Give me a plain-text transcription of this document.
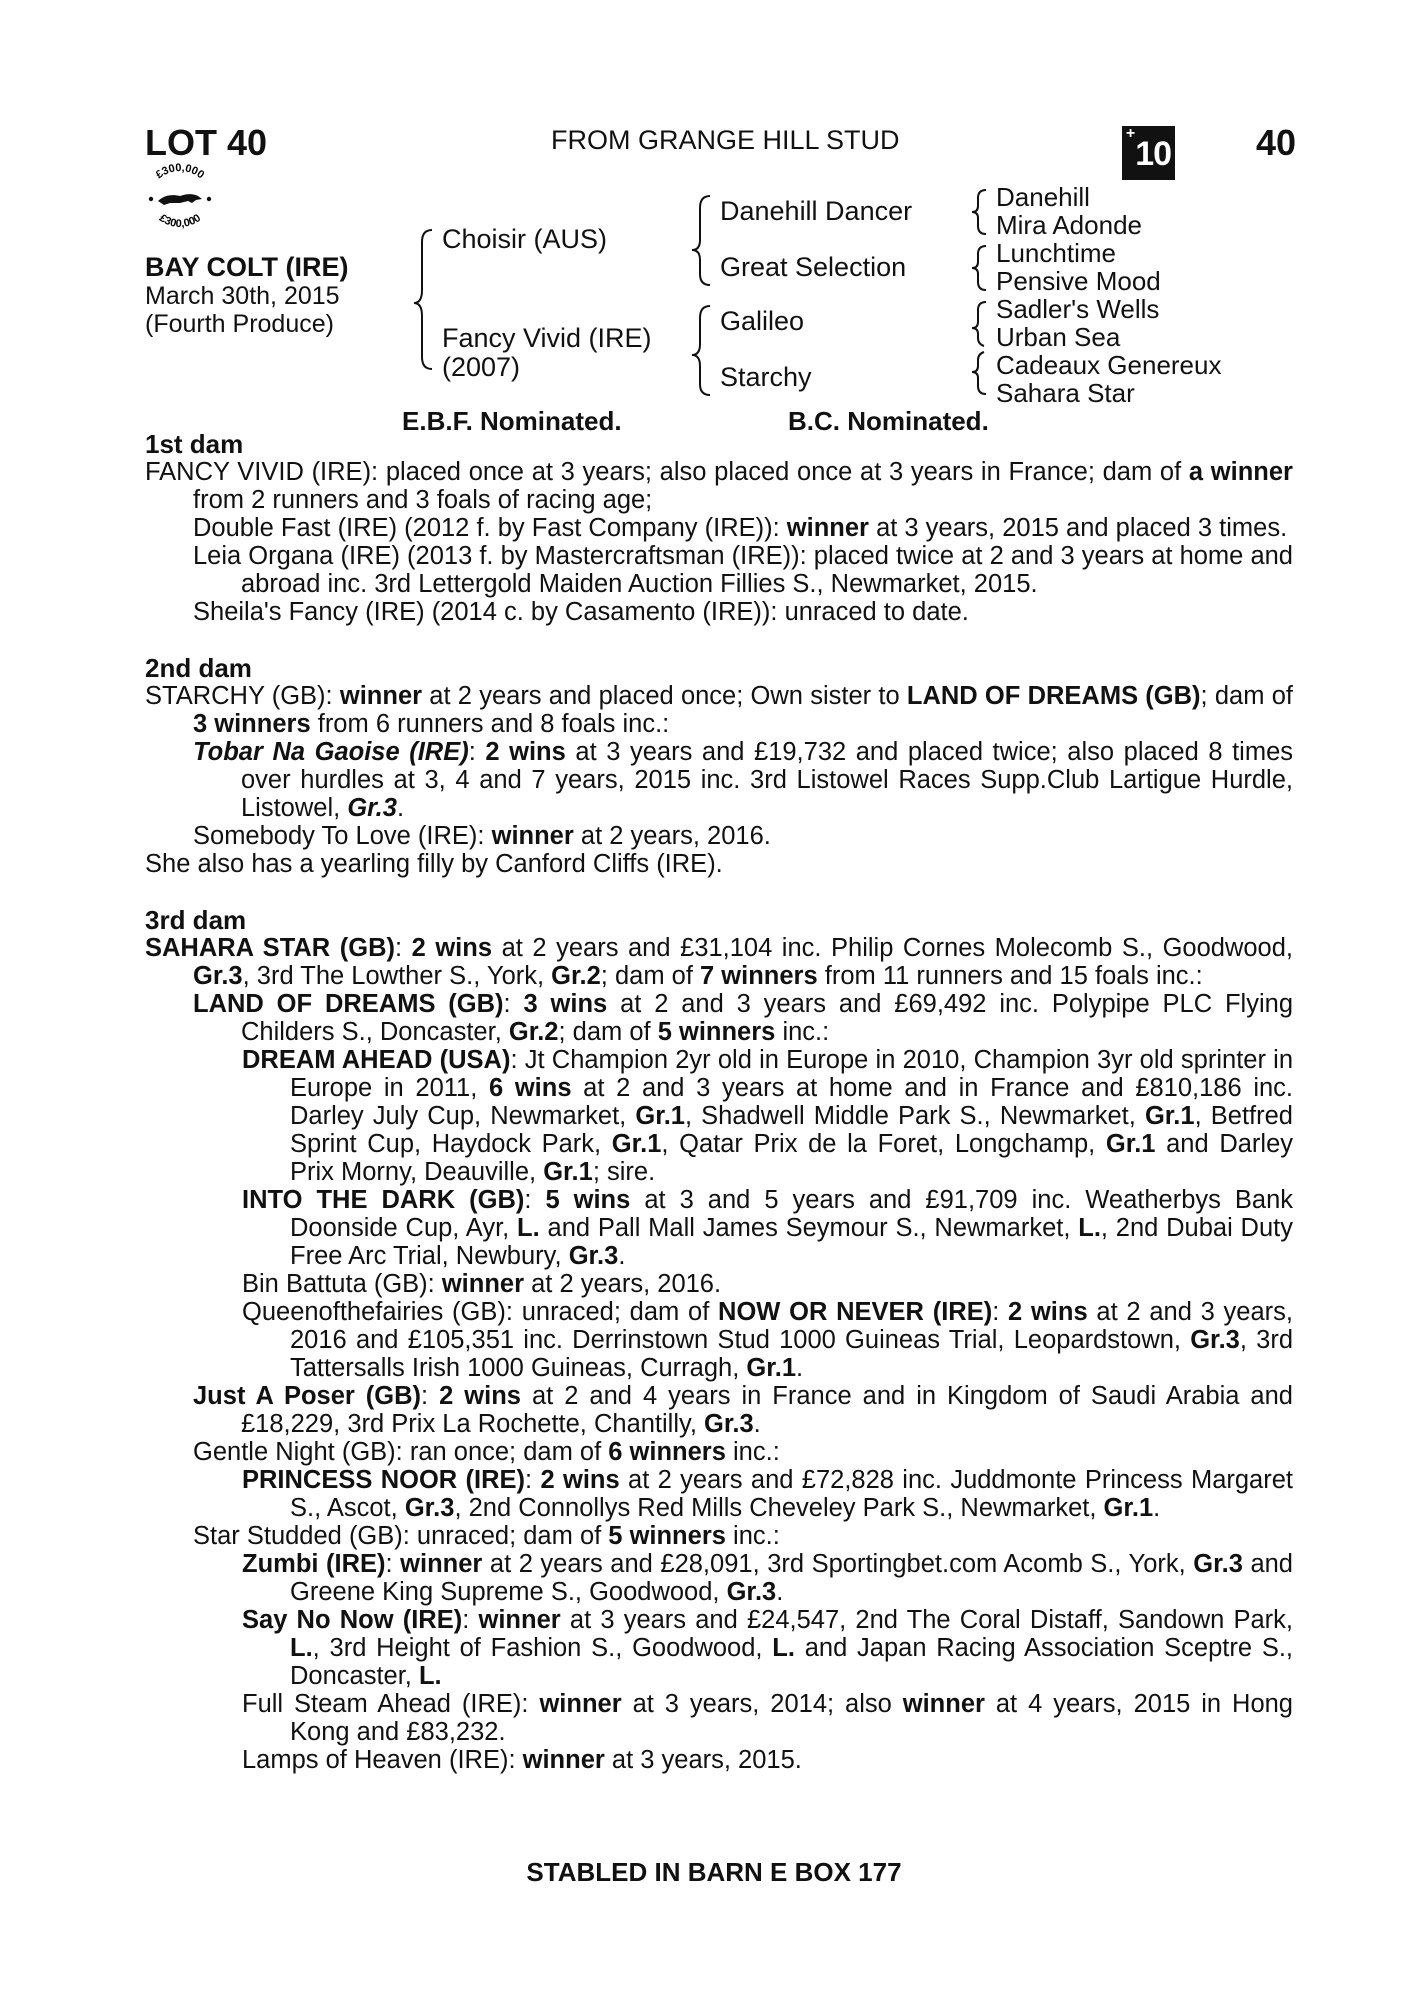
LOT 40	FROM GRANGE HILL STUD	+10 40
£300,000
£300,000
BAY COLT (IRE)
March 30th, 2015
(Fourth Produce)
Choisir (AUS)
Fancy Vivid (IRE)
(2007)
Danehill Dancer
Great Selection
Galileo
Starchy
Danehill
Mira Adonde
Lunchtime
Pensive Mood
Sadler's Wells
Urban Sea
Cadeaux Genereux
Sahara Star
E.B.F. Nominated.	B.C. Nominated.

1st dam

FANCY VIVID (IRE): placed once at 3 years; also placed once at 3 years in France; dam of a winner from 2 runners and 3 foals of racing age;

Double Fast (IRE) (2012 f. by Fast Company (IRE)): winner at 3 years, 2015 and placed 3 times.

Leia Organa (IRE) (2013 f. by Mastercraftsman (IRE)): placed twice at 2 and 3 years at home and abroad inc. 3rd Lettergold Maiden Auction Fillies S., Newmarket, 2015.

Sheila's Fancy (IRE) (2014 c. by Casamento (IRE)): unraced to date.

2nd dam

STARCHY (GB): winner at 2 years and placed once; Own sister to LAND OF DREAMS (GB); dam of 3 winners from 6 runners and 8 foals inc.:

Tobar Na Gaoise (IRE): 2 wins at 3 years and £19,732 and placed twice; also placed 8 times over hurdles at 3, 4 and 7 years, 2015 inc. 3rd Listowel Races Supp.Club Lartigue Hurdle, Listowel, Gr.3.

Somebody To Love (IRE): winner at 2 years, 2016.

She also has a yearling filly by Canford Cliffs (IRE).

3rd dam

SAHARA STAR (GB): 2 wins at 2 years and £31,104 inc. Philip Cornes Molecomb S., Goodwood, Gr.3, 3rd The Lowther S., York, Gr.2; dam of 7 winners from 11 runners and 15 foals inc.:

LAND OF DREAMS (GB): 3 wins at 2 and 3 years and £69,492 inc. Polypipe PLC Flying Childers S., Doncaster, Gr.2; dam of 5 winners inc.:

DREAM AHEAD (USA): Jt Champion 2yr old in Europe in 2010, Champion 3yr old sprinter in Europe in 2011, 6 wins at 2 and 3 years at home and in France and £810,186 inc. Darley July Cup, Newmarket, Gr.1, Shadwell Middle Park S., Newmarket, Gr.1, Betfred Sprint Cup, Haydock Park, Gr.1, Qatar Prix de la Foret, Longchamp, Gr.1 and Darley Prix Morny, Deauville, Gr.1; sire.

INTO THE DARK (GB): 5 wins at 3 and 5 years and £91,709 inc. Weatherbys Bank Doonside Cup, Ayr, L. and Pall Mall James Seymour S., Newmarket, L., 2nd Dubai Duty Free Arc Trial, Newbury, Gr.3.

Bin Battuta (GB): winner at 2 years, 2016.

Queenofthefairies (GB): unraced; dam of NOW OR NEVER (IRE): 2 wins at 2 and 3 years, 2016 and £105,351 inc. Derrinstown Stud 1000 Guineas Trial, Leopardstown, Gr.3, 3rd Tattersalls Irish 1000 Guineas, Curragh, Gr.1.

Just A Poser (GB): 2 wins at 2 and 4 years in France and in Kingdom of Saudi Arabia and £18,229, 3rd Prix La Rochette, Chantilly, Gr.3.

Gentle Night (GB): ran once; dam of 6 winners inc.:

PRINCESS NOOR (IRE): 2 wins at 2 years and £72,828 inc. Juddmonte Princess Margaret S., Ascot, Gr.3, 2nd Connollys Red Mills Cheveley Park S., Newmarket, Gr.1.

Star Studded (GB): unraced; dam of 5 winners inc.:

Zumbi (IRE): winner at 2 years and £28,091, 3rd Sportingbet.com Acomb S., York, Gr.3 and Greene King Supreme S., Goodwood, Gr.3.

Say No Now (IRE): winner at 3 years and £24,547, 2nd The Coral Distaff, Sandown Park, L., 3rd Height of Fashion S., Goodwood, L. and Japan Racing Association Sceptre S., Doncaster, L.

Full Steam Ahead (IRE): winner at 3 years, 2014; also winner at 4 years, 2015 in Hong Kong and £83,232.

Lamps of Heaven (IRE): winner at 3 years, 2015.

STABLED IN BARN E BOX 177
